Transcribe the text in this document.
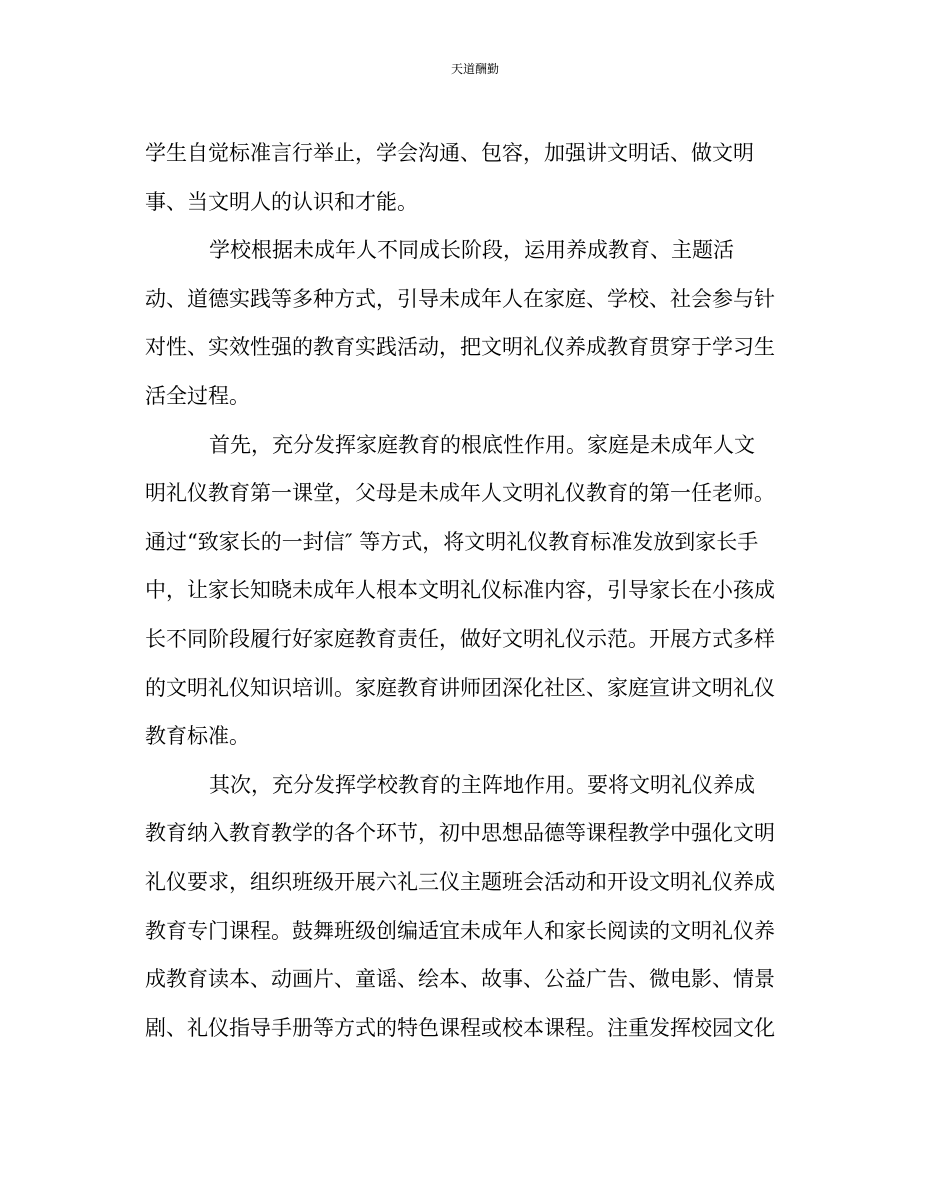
天道酬勤
学生自觉标准言行举止，学会沟通、包容，加强讲文明话、做文明
事、当文明人的认识和才能。
学校根据未成年人不同成长阶段，运用养成教育、主题活
动、道德实践等多种方式，引导未成年人在家庭、学校、社会参与针
对性、实效性强的教育实践活动，把文明礼仪养成教育贯穿于学习生
活全过程。
首先，充分发挥家庭教育的根底性作用。家庭是未成年人文
明礼仪教育第一课堂，父母是未成年人文明礼仪教育的第一任老师。
通过“致家长的一封信″ 等方式，将文明礼仪教育标准发放到家长手
中，让家长知晓未成年人根本文明礼仪标准内容，引导家长在小孩成
长不同阶段履行好家庭教育责任，做好文明礼仪示范。开展方式多样
的文明礼仪知识培训。家庭教育讲师团深化社区、家庭宣讲文明礼仪
教育标准。
其次，充分发挥学校教育的主阵地作用。要将文明礼仪养成
教育纳入教育教学的各个环节，初中思想品德等课程教学中强化文明
礼仪要求，组织班级开展六礼三仪主题班会活动和开设文明礼仪养成
教育专门课程。鼓舞班级创编适宜未成年人和家长阅读的文明礼仪养
成教育读本、动画片、童谣、绘本、故事、公益广告、微电影、情景
剧、礼仪指导手册等方式的特色课程或校本课程。注重发挥校园文化
